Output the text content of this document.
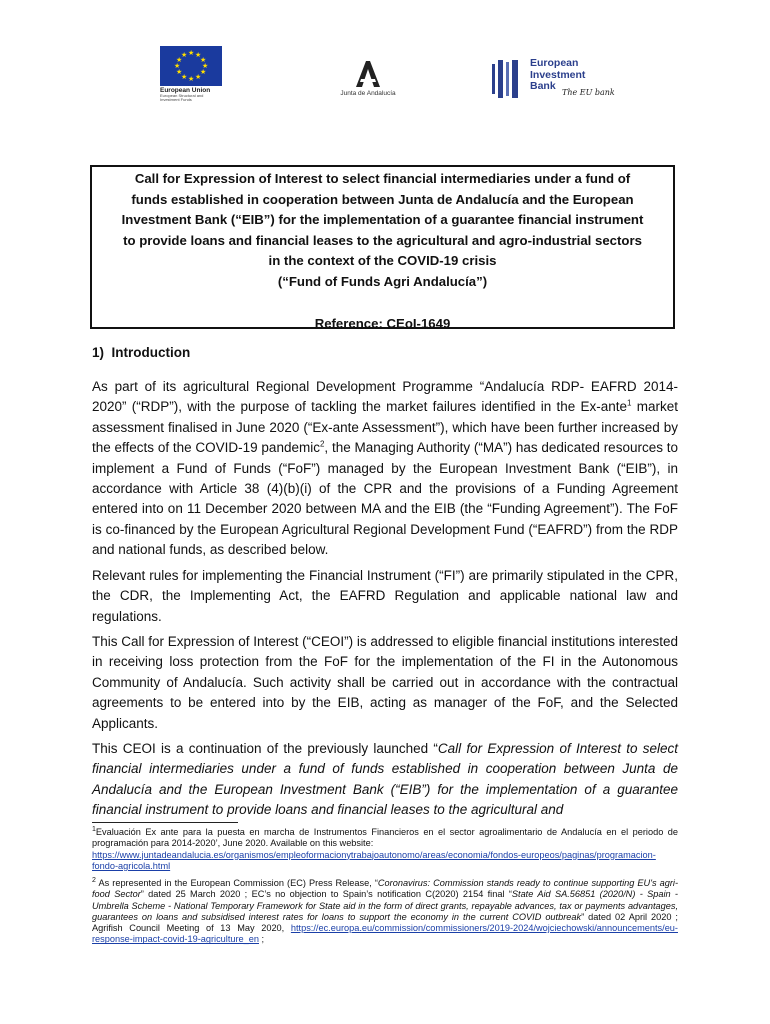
★ ★
★
★
★
★
★
★
★
★
★
★
European Union
European Structural and Investment Funds
Junta de Andalucía
European
Investment
Bank
The EU bank
Call for Expression of Interest to select financial intermediaries under a fund of
funds established in cooperation between Junta de Andalucía and the European
Investment Bank (“EIB”) for the implementation of a guarantee financial instrument
to provide loans and financial leases to the agricultural and agro-industrial sectors
in the context of the COVID-19 crisis
(“Fund of Funds Agri Andalucía”)
Reference: CEoI-1649
1)  Introduction

As part of its agricultural Regional Development Programme “Andalucía RDP- EAFRD 2014-2020” (“RDP”), with the purpose of tackling the market failures identified in the Ex-ante$^1$ market assessment finalised in June 2020 (“Ex-ante Assessment”), which have been further increased by the effects of the COVID-19 pandemic$^2$, the Managing Authority (“MA”) has dedicated resources to implement a Fund of Funds (“FoF”) managed by the European Investment Bank (“EIB”), in accordance with Article 38 (4)(b)(i) of the CPR and the provisions of a Funding Agreement entered into on 11 December 2020 between MA and the EIB (the “Funding Agreement”). The FoF is co-financed by the European Agricultural Regional Development Fund (“EAFRD”) from the RDP and national funds, as described below.

Relevant rules for implementing the Financial Instrument (“FI”) are primarily stipulated in the CPR, the CDR, the Implementing Act, the EAFRD Regulation and applicable national law and regulations.

This Call for Expression of Interest (“CEOI”) is addressed to eligible financial institutions interested in receiving loss protection from the FoF for the implementation of the FI in the Autonomous Community of Andalucía. Such activity shall be carried out in accordance with the contractual agreements to be entered into by the EIB, acting as manager of the FoF, and the Selected Applicants.

This CEOI is a continuation of the previously launched “Call for Expression of Interest to select financial intermediaries under a fund of funds established in cooperation between Junta de Andalucía and the European Investment Bank (“EIB”) for the implementation of a guarantee financial instrument to provide loans and financial leases to the agricultural and

$^1$Evaluación Ex ante para la puesta en marcha de Instrumentos Financieros en el sector agroalimentario de Andalucía en el periodo de programación para 2014-2020’, June 2020. Available on this website:
https://www.juntadeandalucia.es/organismos/empleoformacionytrabajoautonomo/areas/economia/fondos-europeos/paginas/programacion-fondo-agricola.html
$^2$ As represented in the European Commission (EC) Press Release, “Coronavirus: Commission stands ready to continue supporting EU's agri-food Sector” dated 25 March 2020 ; EC’s no objection to Spain’s notification C(2020) 2154 final “State Aid SA.56851 (2020/N) - Spain - Umbrella Scheme - National Temporary Framework for State aid in the form of direct grants, repayable advances, tax or payments advantages, guarantees on loans and subsidised interest rates for loans to support the economy in the current COVID outbreak” dated 02 April 2020 ; Agrifish Council Meeting of 13 May 2020, https://ec.europa.eu/commission/commissioners/2019-2024/wojciechowski/announcements/eu-response-impact-covid-19-agriculture_en ;
